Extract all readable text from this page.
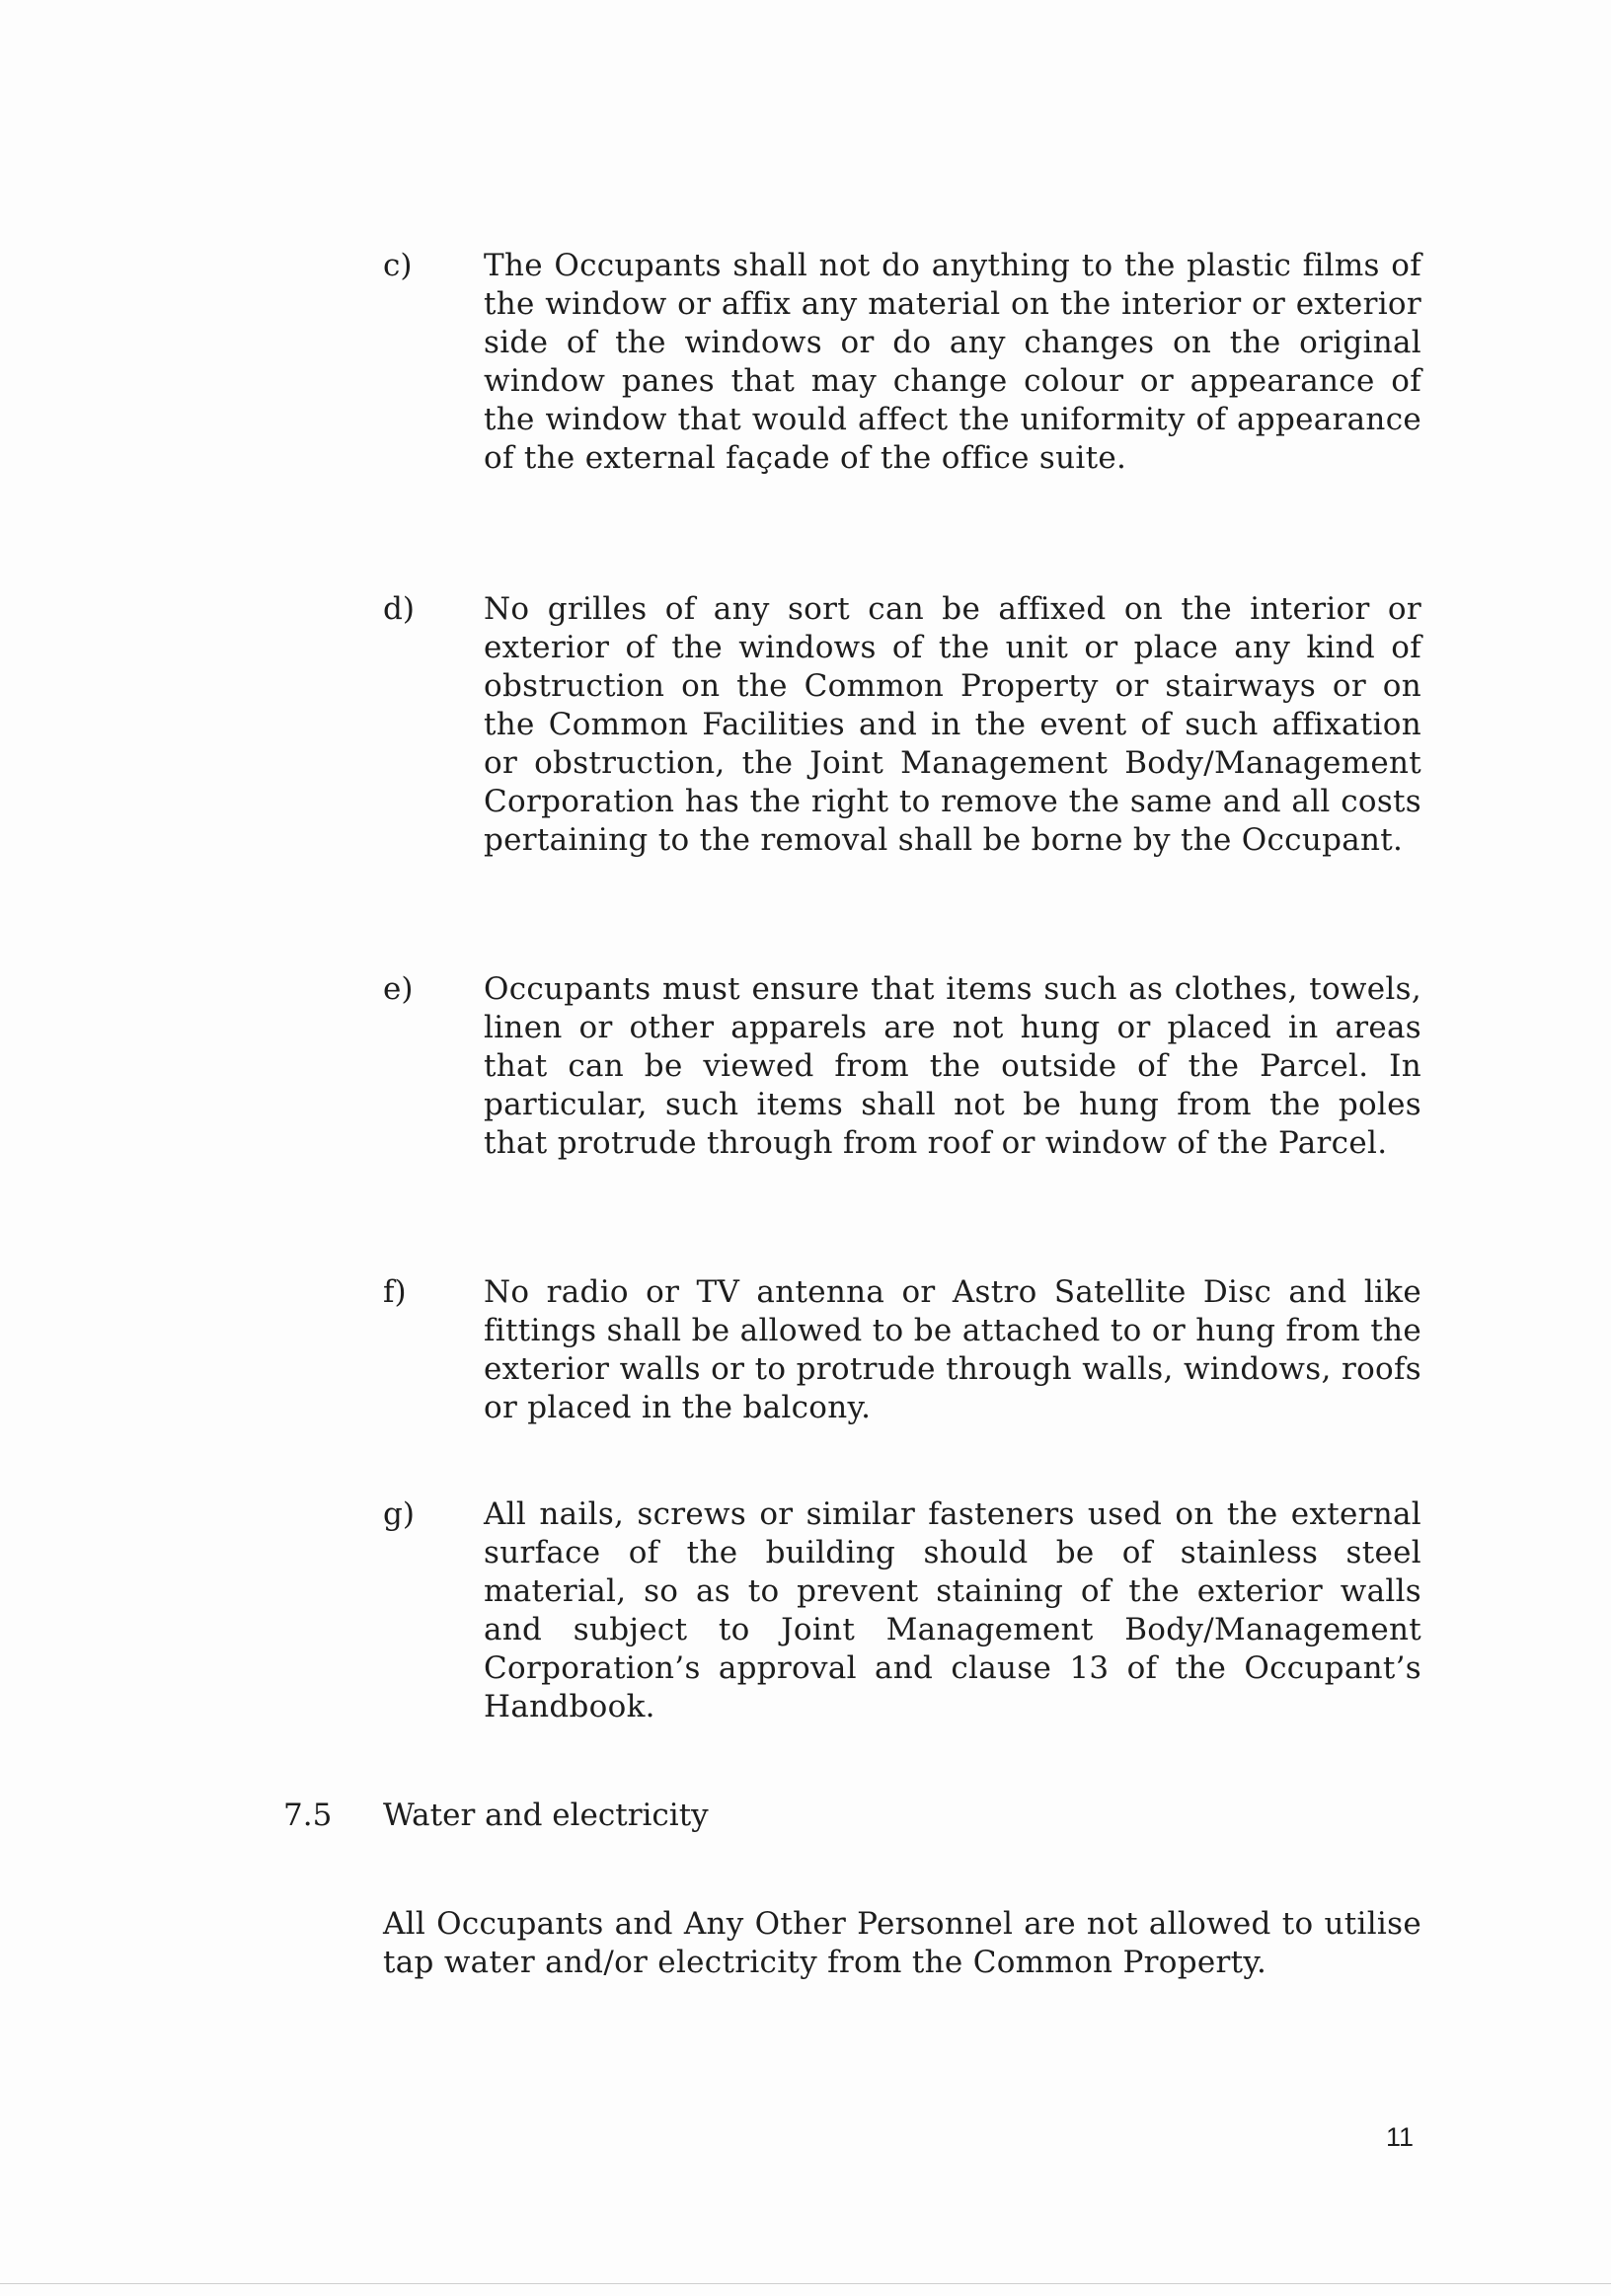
c) The Occupants shall not do anything to the plastic films of the window or affix any material on the interior or exterior side of the windows or do any changes on the original window panes that may change colour or appearance of the window that would affect the uniformity of appearance of the external façade of the office suite.
d) No grilles of any sort can be affixed on the interior or exterior of the windows of the unit or place any kind of obstruction on the Common Property or stairways or on the Common Facilities and in the event of such affixation or obstruction, the Joint Management Body/Management Corporation has the right to remove the same and all costs pertaining to the removal shall be borne by the Occupant.
e) Occupants must ensure that items such as clothes, towels, linen or other apparels are not hung or placed in areas that can be viewed from the outside of the Parcel. In particular, such items shall not be hung from the poles that protrude through from roof or window of the Parcel.
f)	No radio or TV antenna or Astro Satellite Disc and like fittings shall be allowed to be attached to or hung from the exterior walls or to protrude through walls, windows, roofs or placed in the balcony.
g) All nails, screws or similar fasteners used on the external surface of the building should be of stainless steel material, so as to prevent staining of the exterior walls and subject to Joint Management Body/Management Corporation’s approval and clause 13 of the Occupant’s Handbook.
7.5 Water and electricity
All Occupants and Any Other Personnel are not allowed to utilise tap water and/or electricity from the Common Property.
11
